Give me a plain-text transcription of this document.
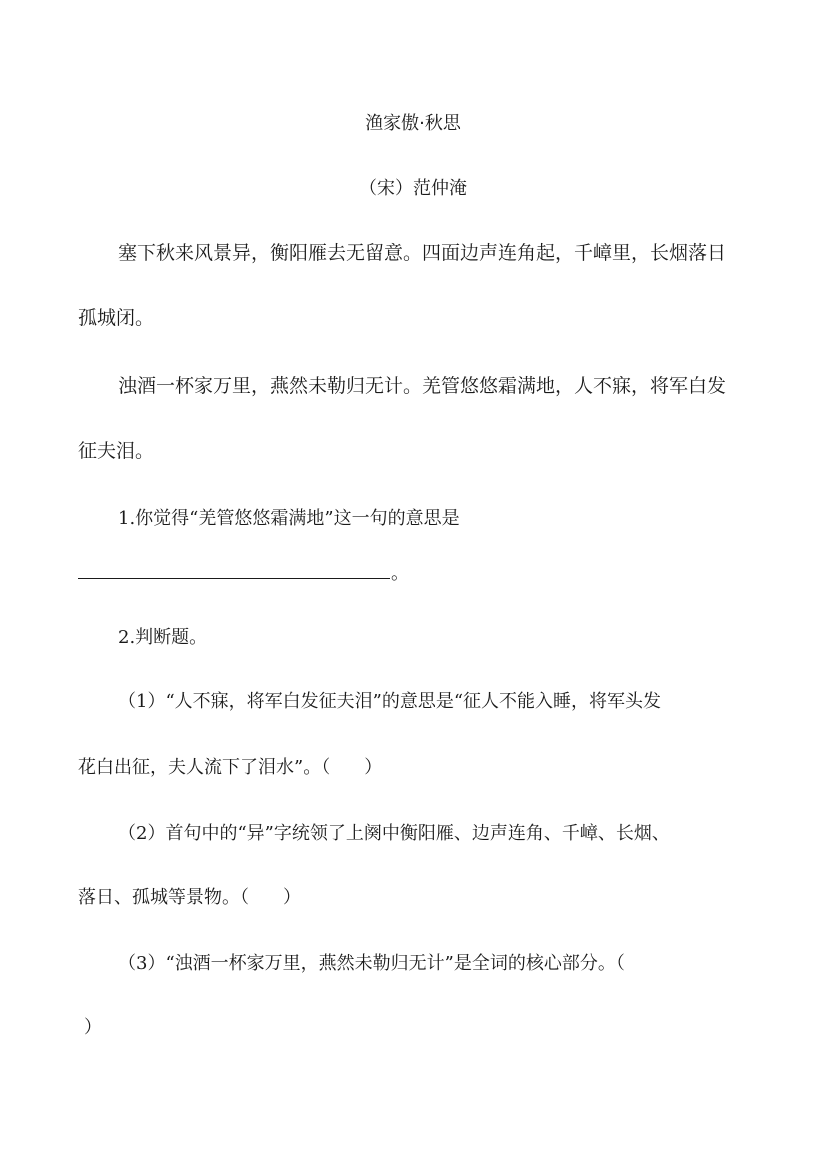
渔家傲·秋思
（宋）范仲淹
塞下秋来风景异，衡阳雁去无留意。四面边声连角起，千嶂里，长烟落日
孤城闭。
浊酒一杯家万里，燕然未勒归无计。羌管悠悠霜满地，人不寐，将军白发
征夫泪。
1.你觉得“羌管悠悠霜满地”这一句的意思是
。
2.判断题。
（1）“人不寐，将军白发征夫泪”的意思是“征人不能入睡，将军头发
花白出征，夫人流下了泪水”。（ ）
（2）首句中的“异”字统领了上阕中衡阳雁、边声连角、千嶂、长烟、
落日、孤城等景物。（ ）
（3）“浊酒一杯家万里，燕然未勒归无计”是全词的核心部分。（
）
